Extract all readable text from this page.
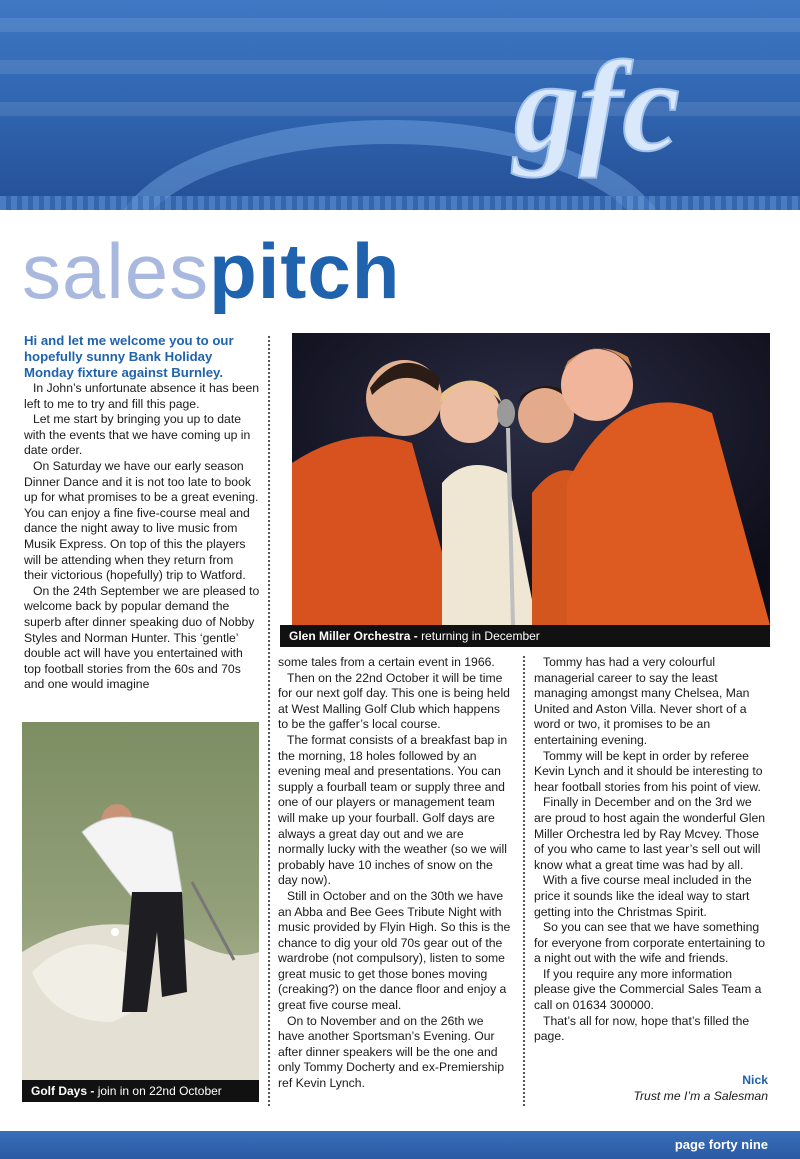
gfc
salespitch

Hi and let me welcome you to our hopefully sunny Bank Holiday Monday fixture against Burnley.

In John’s unfortunate absence it has been left to me to try and fill this page.

Let me start by bringing you up to date with the events that we have coming up in date order.

On Saturday we have our early season Dinner Dance and it is not too late to book up for what promises to be a great evening. You can enjoy a fine five-course meal and dance the night away to live music from Musik Express. On top of this the players will be attending when they return from their victorious (hopefully) trip to Watford.

On the 24th September we are pleased to welcome back by popular demand the superb after dinner speaking duo of Nobby Styles and Norman Hunter. This ‘gentle’ double act will have you entertained with top football stories from the 60s and 70s and one would imagine

Glen Miller Orchestra - returning in December
Golf Days - join in on 22nd October

some tales from a certain event in 1966.

Then on the 22nd October it will be time for our next golf day. This one is being held at West Malling Golf Club which happens to be the gaffer’s local course.

The format consists of a breakfast bap in the morning, 18 holes followed by an evening meal and presentations. You can supply a fourball team or supply three and one of our players or management team will make up your fourball. Golf days are always a great day out and we are normally lucky with the weather (so we will probably have 10 inches of snow on the day now).

Still in October and on the 30th we have an Abba and Bee Gees Tribute Night with music provided by Flyin High. So this is the chance to dig your old 70s gear out of the wardrobe (not compulsory), listen to some great music to get those bones moving (creaking?) on the dance floor and enjoy a great five course meal.

On to November and on the 26th we have another Sportsman’s Evening. Our after dinner speakers will be the one and only Tommy Docherty and ex-Premiership ref Kevin Lynch.

Tommy has had a very colourful managerial career to say the least managing amongst many Chelsea, Man United and Aston Villa. Never short of a word or two, it promises to be an entertaining evening.

Tommy will be kept in order by referee Kevin Lynch and it should be interesting to hear football stories from his point of view.

Finally in December and on the 3rd we are proud to host again the wonderful Glen Miller Orchestra led by Ray Mcvey. Those of you who came to last year’s sell out will know what a great time was had by all.

With a five course meal included in the price it sounds like the ideal way to start getting into the Christmas Spirit.

So you can see that we have something for everyone from corporate entertaining to a night out with the wife and friends.

If you require any more information please give the Commercial Sales Team a call on 01634 300000.

That’s all for now, hope that’s filled the page.

Nick
Trust me I’m a Salesman
page forty nine
